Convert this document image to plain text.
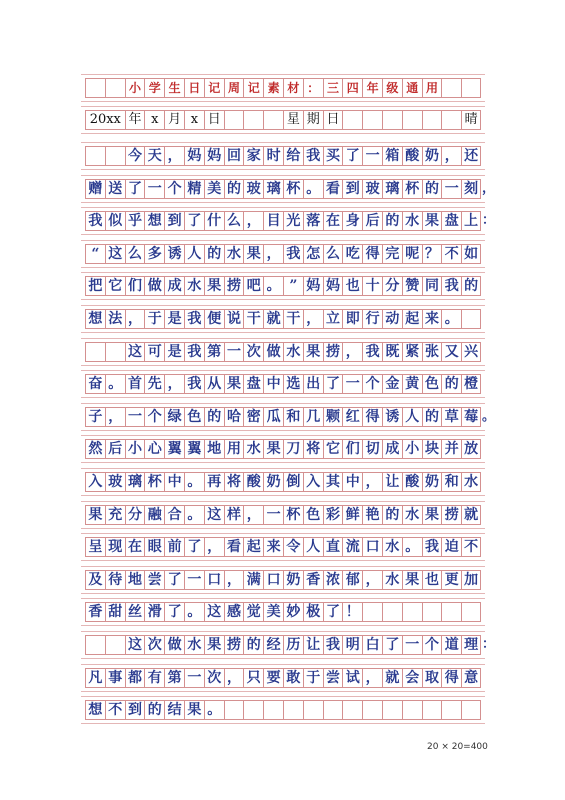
小 学 生 日 记 周 记 素 材 ： 三 四 年 级 通 用
20xx 年 x 月 x 日	星 期 日	晴
今 天 ， 妈 妈 回 家 时 给 我 买 了 一 箱 酸 奶 ， 还
赠 送 了 一 个 精 美 的 玻 璃 杯 。 看 到 玻 璃 杯 的 一 刻 ，
我 似 乎 想 到 了 什 么 ， 目 光 落 在 身 后 的 水 果 盘 上 ：
“ 这 么 多 诱 人 的 水 果 ， 我 怎 么 吃 得 完 呢 ？ 不 如
把 它 们 做 成 水 果 捞 吧 。 ” 妈 妈 也 十 分 赞 同 我 的
想 法 ， 于 是 我 便 说 干 就 干 ， 立 即 行 动 起 来 。
这 可 是 我 第 一 次 做 水 果 捞 ， 我 既 紧 张 又 兴
奋 。 首 先 ， 我 从 果 盘 中 选 出 了 一 个 金 黄 色 的 橙
子 ， 一 个 绿 色 的 哈 密 瓜 和 几 颗 红 得 诱 人 的 草 莓 。
然 后 小 心 翼 翼 地 用 水 果 刀 将 它 们 切 成 小 块 并 放
入 玻 璃 杯 中 。 再 将 酸 奶 倒 入 其 中 ， 让 酸 奶 和 水
果 充 分 融 合 。 这 样 ， 一 杯 色 彩 鲜 艳 的 水 果 捞 就
呈 现 在 眼 前 了 ， 看 起 来 令 人 直 流 口 水 。 我 迫 不
及 待 地 尝 了 一 口 ， 满 口 奶 香 浓 郁 ， 水 果 也 更 加
香 甜 丝 滑 了 。 这 感 觉 美 妙 极 了 ！
这 次 做 水 果 捞 的 经 历 让 我 明 白 了 一 个 道 理 ：
凡 事 都 有 第 一 次 ， 只 要 敢 于 尝 试 ， 就 会 取 得 意
想 不 到 的 结 果 。
20 × 20=400
